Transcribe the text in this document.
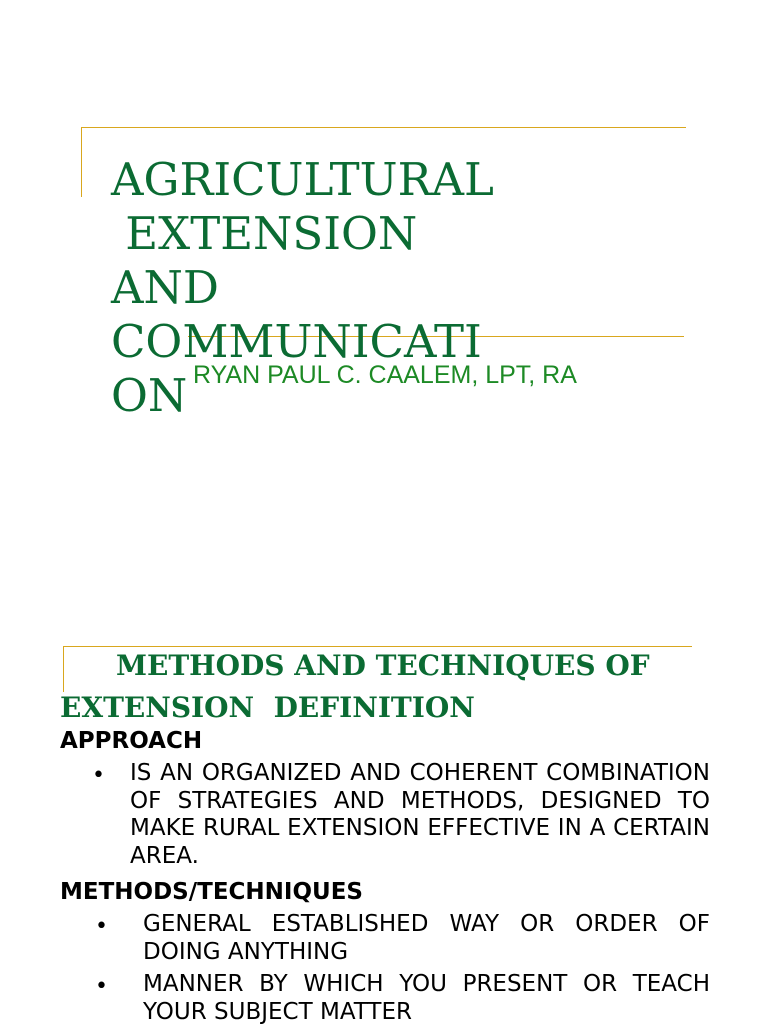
AGRICULTURAL
EXTENSION
AND
COMMUNICATI
ON RYAN PAUL C. CAALEM, LPT, RA
METHODS AND TECHNIQUES OF
EXTENSION  DEFINITION
APPROACH
• IS AN ORGANIZED AND COHERENT COMBINATION OF STRATEGIES AND METHODS, DESIGNED TO MAKE RURAL EXTENSION EFFECTIVE IN A CERTAIN AREA.
METHODS/TECHNIQUES
• GENERAL ESTABLISHED WAY OR ORDER OF DOING ANYTHING
• MANNER BY WHICH YOU PRESENT OR TEACH YOUR SUBJECT MATTER
